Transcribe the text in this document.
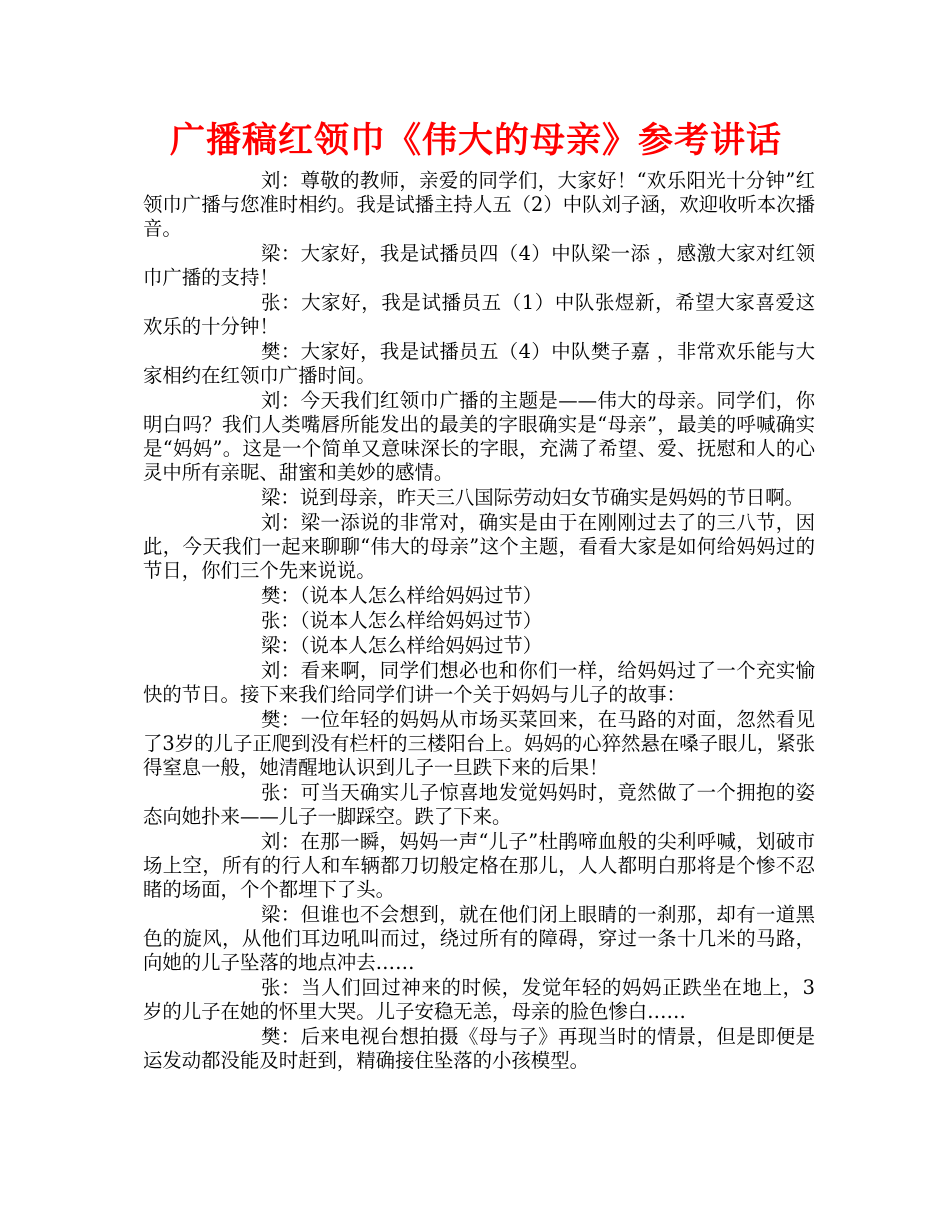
广播稿红领巾《伟大的母亲》参考讲话

刘：尊敬的教师，亲爱的同学们，大家好！“欢乐阳光十分钟”红领巾广播与您准时相约。我是试播主持人五（2）中队刘子涵，欢迎收听本次播音。

梁：大家好，我是试播员四（4）中队梁一添 ，感激大家对红领巾广播的支持！

张：大家好，我是试播员五（1）中队张煜新，希望大家喜爱这欢乐的十分钟！

樊：大家好，我是试播员五（4）中队樊子嘉 ，非常欢乐能与大家相约在红领巾广播时间。

刘：今天我们红领巾广播的主题是——伟大的母亲。同学们，你明白吗？我们人类嘴唇所能发出的最美的字眼确实是“母亲”，最美的呼喊确实是“妈妈”。这是一个简单又意味深长的字眼，充满了希望、爱、抚慰和人的心灵中所有亲昵、甜蜜和美妙的感情。

梁：说到母亲，昨天三八国际劳动妇女节确实是妈妈的节日啊。

刘：梁一添说的非常对，确实是由于在刚刚过去了的三八节，因此，今天我们一起来聊聊“伟大的母亲”这个主题，看看大家是如何给妈妈过的节日，你们三个先来说说。

樊：（说本人怎么样给妈妈过节）

张：（说本人怎么样给妈妈过节）

梁：（说本人怎么样给妈妈过节）

刘：看来啊，同学们想必也和你们一样，给妈妈过了一个充实愉快的节日。接下来我们给同学们讲一个关于妈妈与儿子的故事：

樊：一位年轻的妈妈从市场买菜回来，在马路的对面，忽然看见了3岁的儿子正爬到没有栏杆的三楼阳台上。妈妈的心猝然悬在嗓子眼儿，紧张得窒息一般，她清醒地认识到儿子一旦跌下来的后果！

张：可当天确实儿子惊喜地发觉妈妈时，竟然做了一个拥抱的姿态向她扑来——儿子一脚踩空。跌了下来。

刘：在那一瞬，妈妈一声“儿子”杜鹃啼血般的尖利呼喊，划破市场上空，所有的行人和车辆都刀切般定格在那儿，人人都明白那将是个惨不忍睹的场面，个个都埋下了头。

梁：但谁也不会想到，就在他们闭上眼睛的一刹那，却有一道黑色的旋风，从他们耳边吼叫而过，绕过所有的障碍，穿过一条十几米的马路，向她的儿子坠落的地点冲去……

张：当人们回过神来的时候，发觉年轻的妈妈正跌坐在地上，3岁的儿子在她的怀里大哭。儿子安稳无恙，母亲的脸色惨白……

樊：后来电视台想拍摄《母与子》再现当时的情景，但是即便是运发动都没能及时赶到，精确接住坠落的小孩模型。
